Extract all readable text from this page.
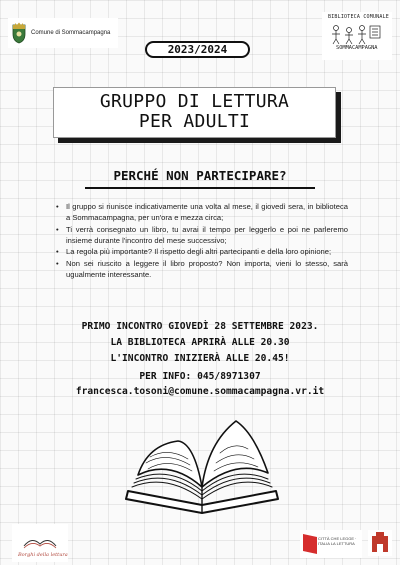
Comune di Sommacampagna
BIBLIOTECA COMUNALE
SOMMACAMPAGNA
2023/2024
GRUPPO DI LETTURA
PER ADULTI
PERCHÉ NON PARTECIPARE?
• Il gruppo si riunisce indicativamente una volta al mese, il giovedì sera, in biblioteca a Sommacampagna, per un'ora e mezza circa;
• Ti verrà consegnato un libro, tu avrai il tempo per leggerlo e poi ne parleremo insieme durante l'incontro del mese successivo;
• La regola più importante? Il rispetto degli altri partecipanti e della loro opinione;
• Non sei riuscito a leggere il libro proposto? Non importa, vieni lo stesso, sarà ugualmente interessante.
PRIMO INCONTRO GIOVEDÌ 28 SETTEMBRE 2023.
LA BIBLIOTECA APRIRÀ ALLE 20.30
L'INCONTRO INIZIERÀ ALLE 20.45!
PER INFO: 045/8971307
francesca.tosoni@comune.sommacampagna.vr.it
Borghi della lettura
CITTÀ CHE LEGGE · ITALIA LA LETTURA
